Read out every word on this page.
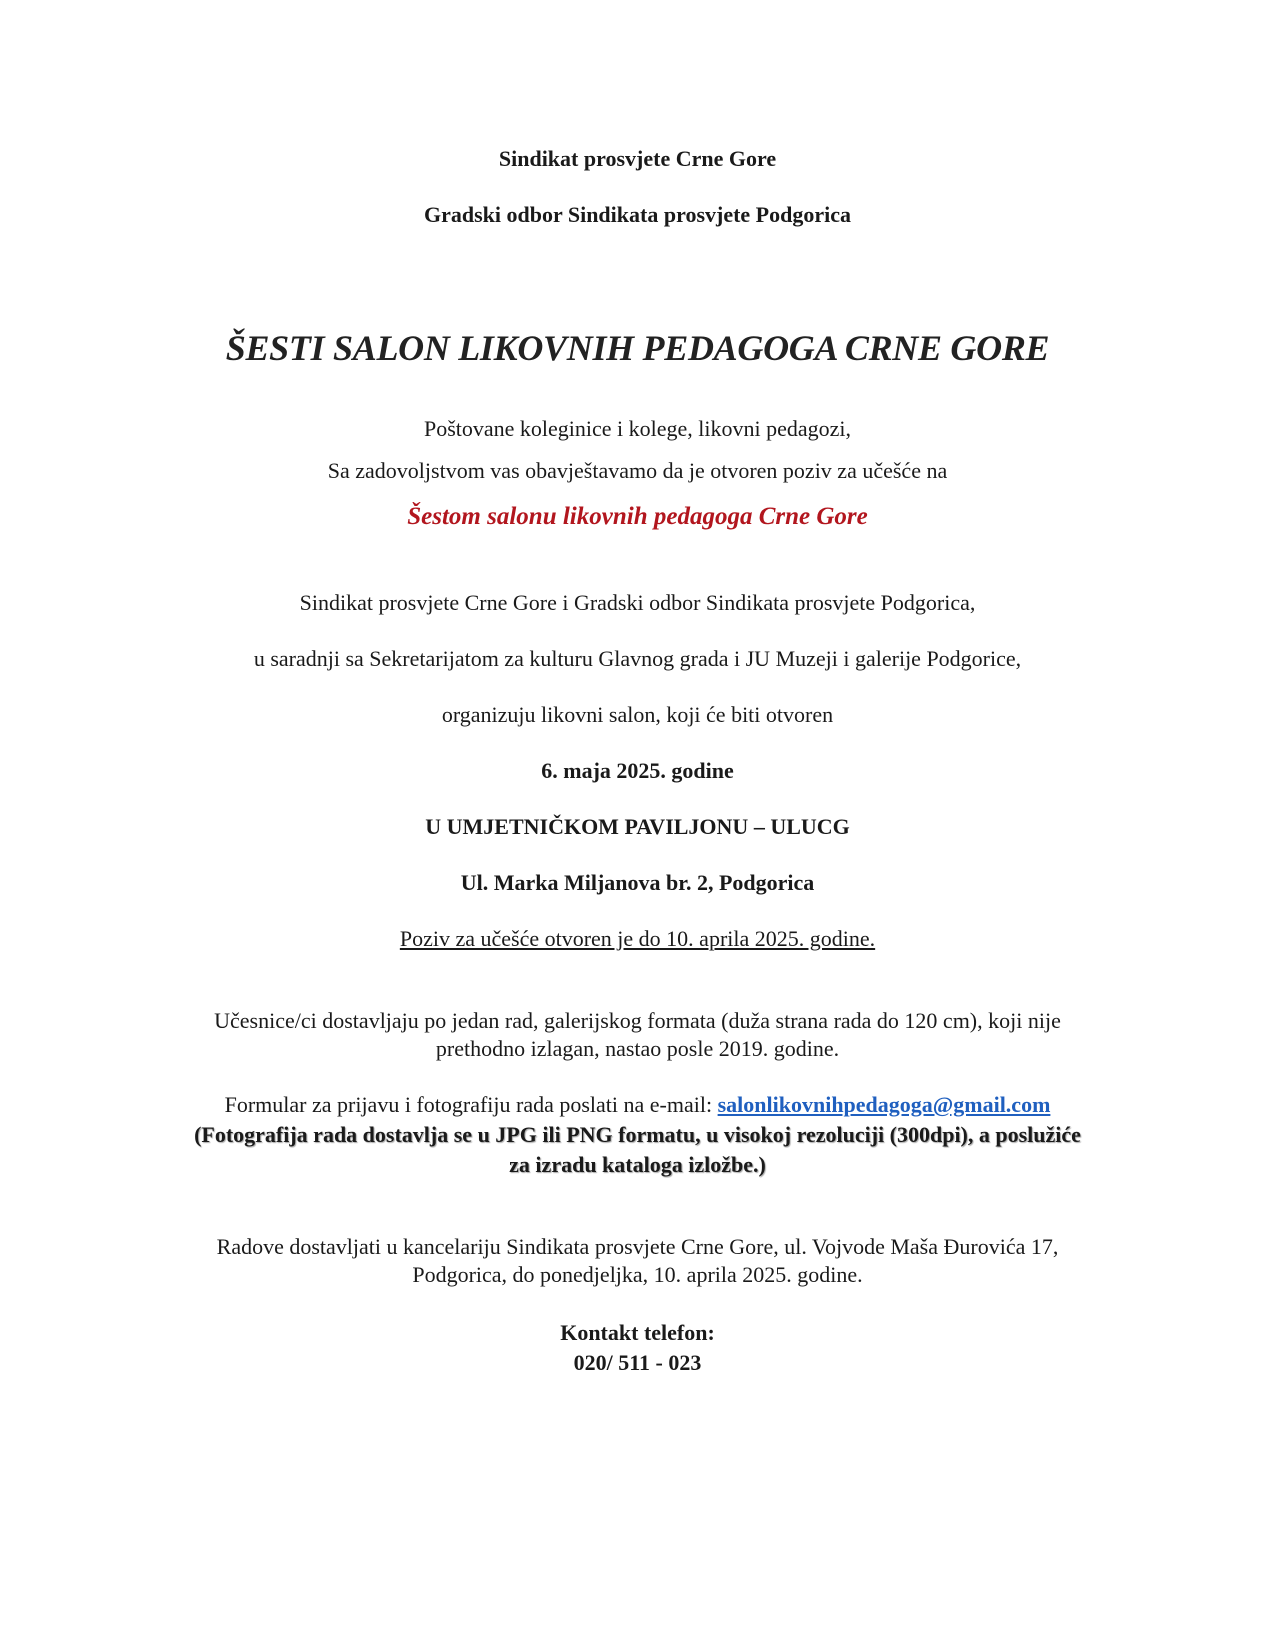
Sindikat prosvjete Crne Gore
Gradski odbor Sindikata prosvjete Podgorica
ŠESTI SALON LIKOVNIH PEDAGOGA CRNE GORE
Poštovane koleginice i kolege, likovni pedagozi,
Sa zadovoljstvom vas obavještavamo da je otvoren poziv za učešće na
Šestom salonu likovnih pedagoga Crne Gore
Sindikat prosvjete Crne Gore i Gradski odbor Sindikata prosvjete Podgorica,
u saradnji sa Sekretarijatom za kulturu Glavnog grada i JU Muzeji i galerije Podgorice,
organizuju likovni salon, koji će biti otvoren
6. maja 2025. godine
U UMJETNIČKOM PAVILJONU – ULUCG
Ul. Marka Miljanova br. 2, Podgorica
Poziv za učešće otvoren je do 10. aprila 2025. godine.
Učesnice/ci dostavljaju po jedan rad, galerijskog formata (duža strana rada do 120 cm), koji nije
prethodno izlagan, nastao posle 2019. godine.
Formular za prijavu i fotografiju rada poslati na e-mail: salonlikovnihpedagoga@gmail.com
(Fotografija rada dostavlja se u JPG ili PNG formatu, u visokoj rezoluciji (300dpi), a poslužiće
za izradu kataloga izložbe.)
Radove dostavljati u kancelariju Sindikata prosvjete Crne Gore, ul. Vojvode Maša Đurovića 17,
Podgorica, do ponedjeljka, 10. aprila 2025. godine.
Kontakt telefon:
020/ 511 - 023
